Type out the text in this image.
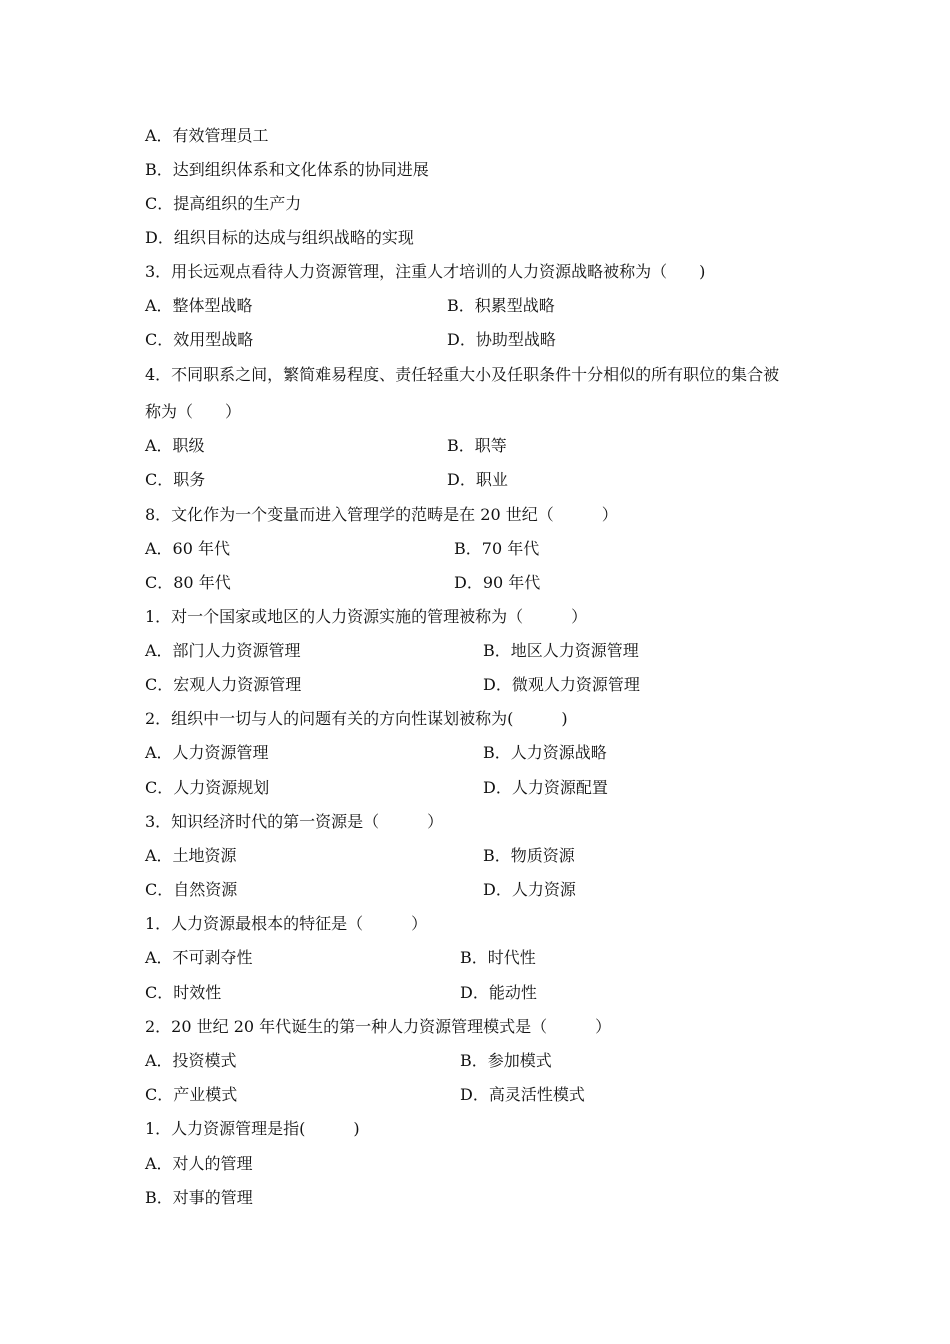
A．有效管理员工
B．达到组织体系和文化体系的协同进展
C．提高组织的生产力
D．组织目标的达成与组织战略的实现
3．用长远观点看待人力资源管理，注重人才培训的人力资源战略被称为（　　)
A．整体型战略	B．积累型战略
C．效用型战略	D．协助型战略
4．不同职系之间，繁简难易程度、责任轻重大小及任职条件十分相似的所有职位的集合被
称为（　　）
A．职级	B．职等
C．职务	D．职业
8．文化作为一个变量而进入管理学的范畴是在 20 世纪（　　　）
A．60 年代	B．70 年代
C．80 年代	D．90 年代
1．对一个国家或地区的人力资源实施的管理被称为（　　　）
A．部门人力资源管理	B．地区人力资源管理
C．宏观人力资源管理	D．微观人力资源管理
2．组织中一切与人的问题有关的方向性谋划被称为(　　　)
A．人力资源管理	B．人力资源战略
C．人力资源规划	D．人力资源配置
3．知识经济时代的第一资源是（　　　）
A．土地资源	B．物质资源
C．自然资源	D．人力资源
1．人力资源最根本的特征是（　　　）
A．不可剥夺性	B．时代性
C．时效性	D．能动性
2．20 世纪 20 年代诞生的第一种人力资源管理模式是（　　　）
A．投资模式	B．参加模式
C．产业模式	D．高灵活性模式
1．人力资源管理是指(　　　)
A．对人的管理
B．对事的管理
